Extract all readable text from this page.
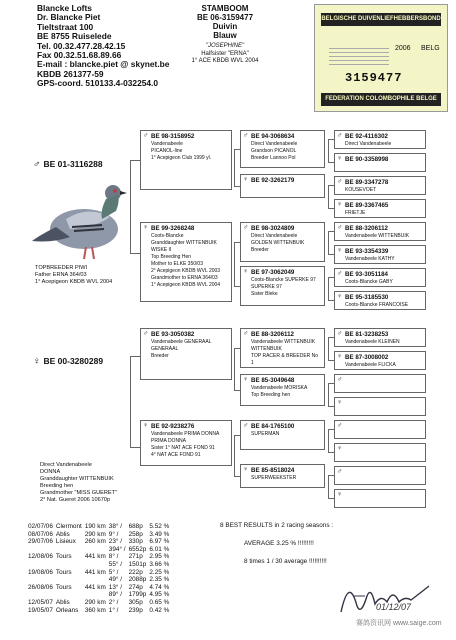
Blancke Lofts
Dr. Blancke Piet
Tieltstraat 100
BE 8755 Ruiselede
Tel. 00.32.477.28.42.15
Fax 00.32.51.68.89.66
E-mail : blancke.piet @ skynet.be
KBDB 261377-59
GPS-coord. 510133.4-032254.0
STAMBOOM
BE 06-3159477
Duivin
Blauw
"JOSEPHINE"
Halfsister "ERNA"
1° ACE KBDB WVL 2004
BELGISCHE DUIVENLIEFHEBBERSBOND
2006 BELG
3159477
FEDERATION COLOMBOPHILE BELGE
♂ BE 01-3116288
TOPBREEDER PIWI
Father ERNA 364/03
1° Acepigeon KBDB WVL 2004
♀ BE 00-3280289
Direct Vandenabeele
DONNA
Granddaughter WITTENBUIK
Breeding hen
Grandmother "MISS GUERET"
2° Nat. Gueret 2006 10670p
♂ BE 98-3158952
Vandenabeele
PICANOL-line
1° Acepigeon Club 1999 yl.
♀ BE 99-3268248
Coots-Blancke
Granddaughter WITTENBUIK
WISKE II
Top Breeding Hen
Mother to ELKE 350/03
2° Acepigeon KBDB WVL 2003
Grandmother to ERNA 364/03
1° Acepigeon KBDB WVL 2004
♂ BE 93-3050382
Vandenabeele GENERAAL
GENERAAL
Breeder
♀ BE 92-9238276
Vandenabeele PRIMA DONNA
PRIMA DONNA
Sister 1° NAT ACE FOND 91
4° NAT ACE FOND 91
♂ BE 94-3068634
Direct Vandenabeele
Grandson PICANOL
Breeder Lannoo Pol
♀ BE 92-3262179
♂ BE 98-3024809
Direct Vandenabeele
GOLDEN WITTENBUIK
Breeder
♀ BE 97-3062049
Coots-Blancke SUPERKE 97
SUPERKE 97
Sister Bleke
♂ BE 88-3206112
Vandenabeele WITTENBUIK
WITTENBUIK
TOP RACER & BREEDER No 1
♀ BE 85-3049648
Vandenabeele MORISKA
Top Breeding hen
♂ BE 84-1765100
SUPERMAN
♀ BE 85-8518024
SUPERWEEKSTER
♂ BE 92-4116302
Direct Vandenabeele
♀ BE 90-3358998
♂ BE 89-3347278
KOUSEVOET
♀ BE 89-3367465
FRIETJE
♂ BE 88-3206112
Vandenabeele WITTENBUIK
♀ BE 93-3354339
Vandenabeele KATHY
♂ BE 93-3051184
Coots-Blancke GABY
♀ BE 95-3185530
Coots-Blancke FRANCOISE
♂ BE 81-3238253
Vandenabeele KLEINEN
♀ BE 87-3008002
Vandenabeele FLICKA
♂
♀
♂
♀
♂
♀
02/07/06	Clermont	190 km	38° /	688p	5.52 %
08/07/06	Ablis	290 km	9° /	258p	3.49 %
29/07/06	Lisieux	260 km	23° /	330p	6.97 %
			394° /	6552p	6.01 %
12/08/06	Tours	441 km	8° /	271p	2.95 %
			55° /	1501p	3.66 %
19/08/06	Tours	441 km	5° /	222p	2.25 %
			49° /	2088p	2.35 %
26/08/06	Tours	441 km	13° /	274p	4.74 %
			89° /	1799p	4.95 %
12/05/07	Ablis	290 km	2° /	305p	0.65 %
19/05/07	Orleans	360 km	1° /	239p	0.42 %
8 BEST RESULTS in 2 racing seasons :
AVERAGE 3.25 % !!!!!!!!!
8 times 1 / 30 average !!!!!!!!!!
01/12/07
赛鸽资讯网 www.saige.com
